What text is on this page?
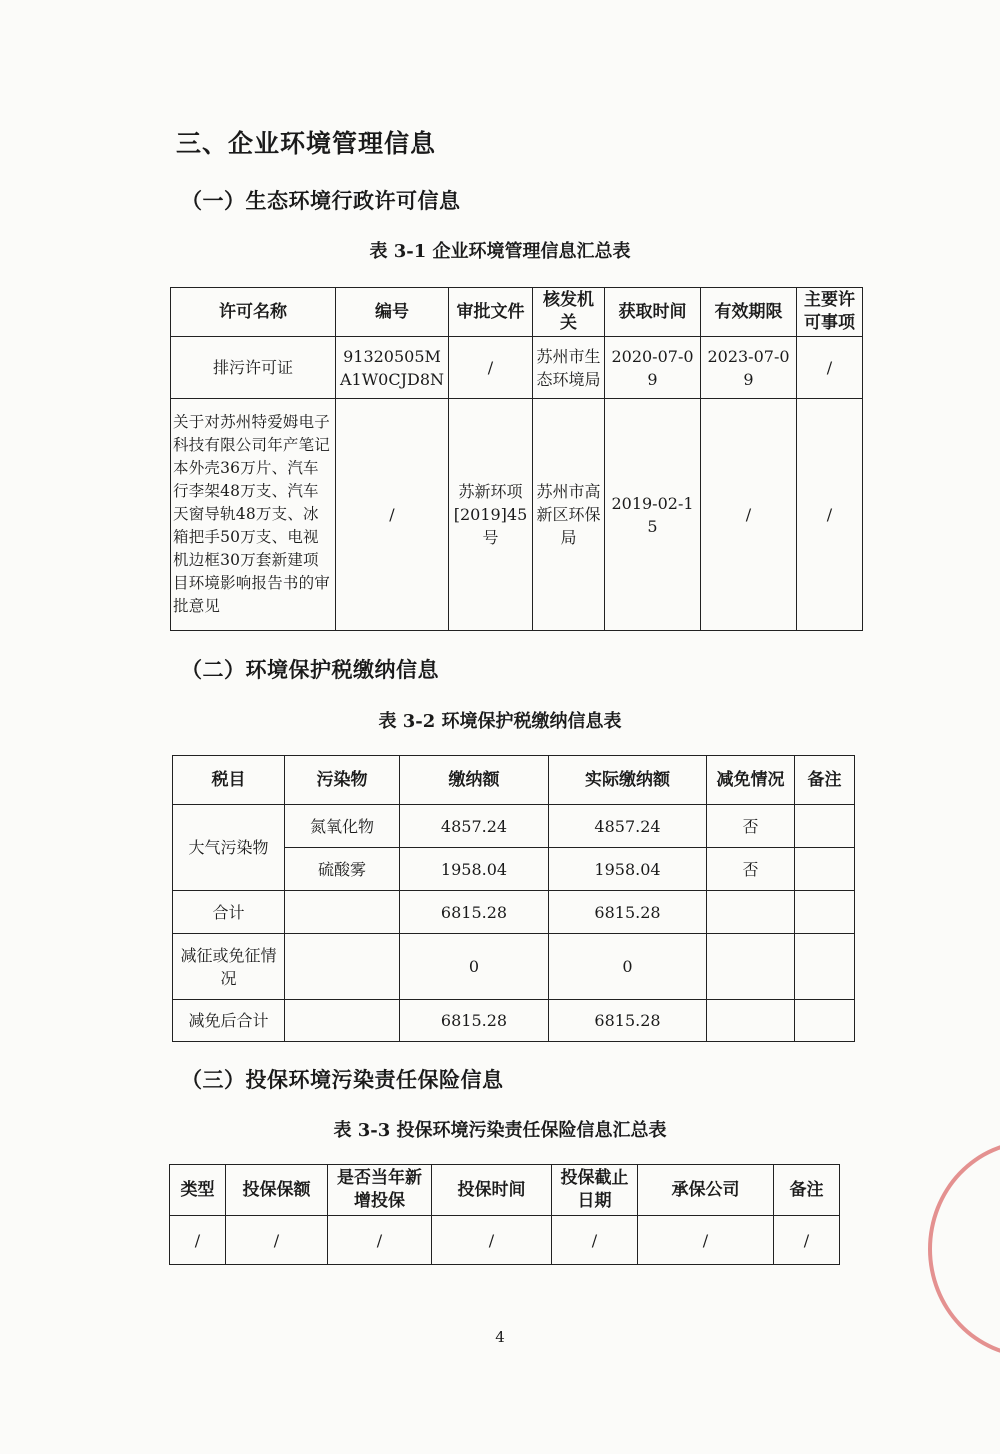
三、企业环境管理信息
（一）生态环境行政许可信息
表 3-1 企业环境管理信息汇总表
许可名称	编号	审批文件	核发机关	获取时间	有效期限	主要许可事项
排污许可证	91320505MA1W0CJD8N	/	苏州市生态环境局	2020-07-09	2023-07-09	/
关于对苏州特爱姆电子科技有限公司年产笔记本外壳36万片、汽车行李架48万支、汽车天窗导轨48万支、冰箱把手50万支、电视机边框30万套新建项目环境影响报告书的审批意见	/	苏新环项[2019]45号	苏州市高新区环保局	2019-02-15	/	/
（二）环境保护税缴纳信息
表 3-2 环境保护税缴纳信息表
税目	污染物	缴纳额	实际缴纳额	减免情况	备注
大气污染物	氮氧化物	4857.24	4857.24	否	
	硫酸雾	1958.04	1958.04	否	
合计		6815.28	6815.28		
减征或免征情况		0	0		
减免后合计		6815.28	6815.28		
（三）投保环境污染责任保险信息
表 3-3 投保环境污染责任保险信息汇总表
类型	投保保额	是否当年新增投保	投保时间	投保截止日期	承保公司	备注
/	/	/	/	/	/	/
4
